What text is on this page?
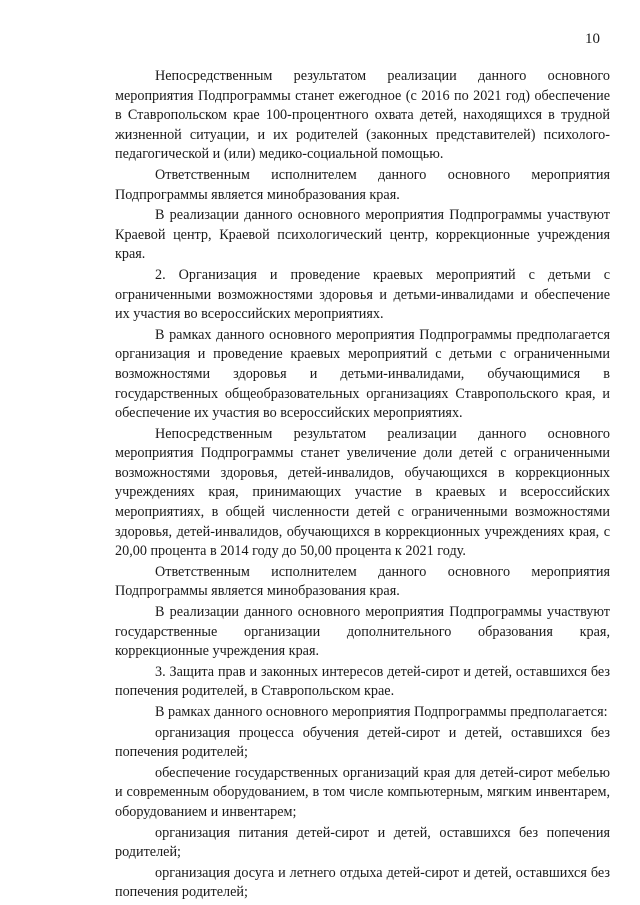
10

Непосредственным результатом реализации данного основного мероприятия Подпрограммы станет ежегодное (с 2016 по 2021 год) обеспечение в Ставропольском крае 100-процентного охвата детей, находящихся в трудной жизненной ситуации, и их родителей (законных представителей) психолого-педагогической и (или) медико-социальной помощью.

Ответственным исполнителем данного основного мероприятия Подпрограммы является минобразования края.

В реализации данного основного мероприятия Подпрограммы участвуют Краевой центр, Краевой психологический центр, коррекционные учреждения края.

2. Организация и проведение краевых мероприятий с детьми с ограниченными возможностями здоровья и детьми-инвалидами и обеспечение их участия во всероссийских мероприятиях.

В рамках данного основного мероприятия Подпрограммы предполагается организация и проведение краевых мероприятий с детьми с ограниченными возможностями здоровья и детьми-инвалидами, обучающимися в государственных общеобразовательных организациях Ставропольского края, и обеспечение их участия во всероссийских мероприятиях.

Непосредственным результатом реализации данного основного мероприятия Подпрограммы станет увеличение доли детей с ограниченными возможностями здоровья, детей-инвалидов, обучающихся в коррекционных учреждениях края, принимающих участие в краевых и всероссийских мероприятиях, в общей численности детей с ограниченными возможностями здоровья, детей-инвалидов, обучающихся в коррекционных учреждениях края, с 20,00 процента в 2014 году до 50,00 процента к 2021 году.

Ответственным исполнителем данного основного мероприятия Подпрограммы является минобразования края.

В реализации данного основного мероприятия Подпрограммы участвуют государственные организации дополнительного образования края, коррекционные учреждения края.

3. Защита прав и законных интересов детей-сирот и детей, оставшихся без попечения родителей, в Ставропольском крае.

В рамках данного основного мероприятия Подпрограммы предполагается:

организация процесса обучения детей-сирот и детей, оставшихся без попечения родителей;

обеспечение государственных организаций края для детей-сирот мебелью и современным оборудованием, в том числе компьютерным, мягким инвентарем, оборудованием и инвентарем;

организация питания детей-сирот и детей, оставшихся без попечения родителей;

организация досуга и летнего отдыха детей-сирот и детей, оставшихся без попечения родителей;
